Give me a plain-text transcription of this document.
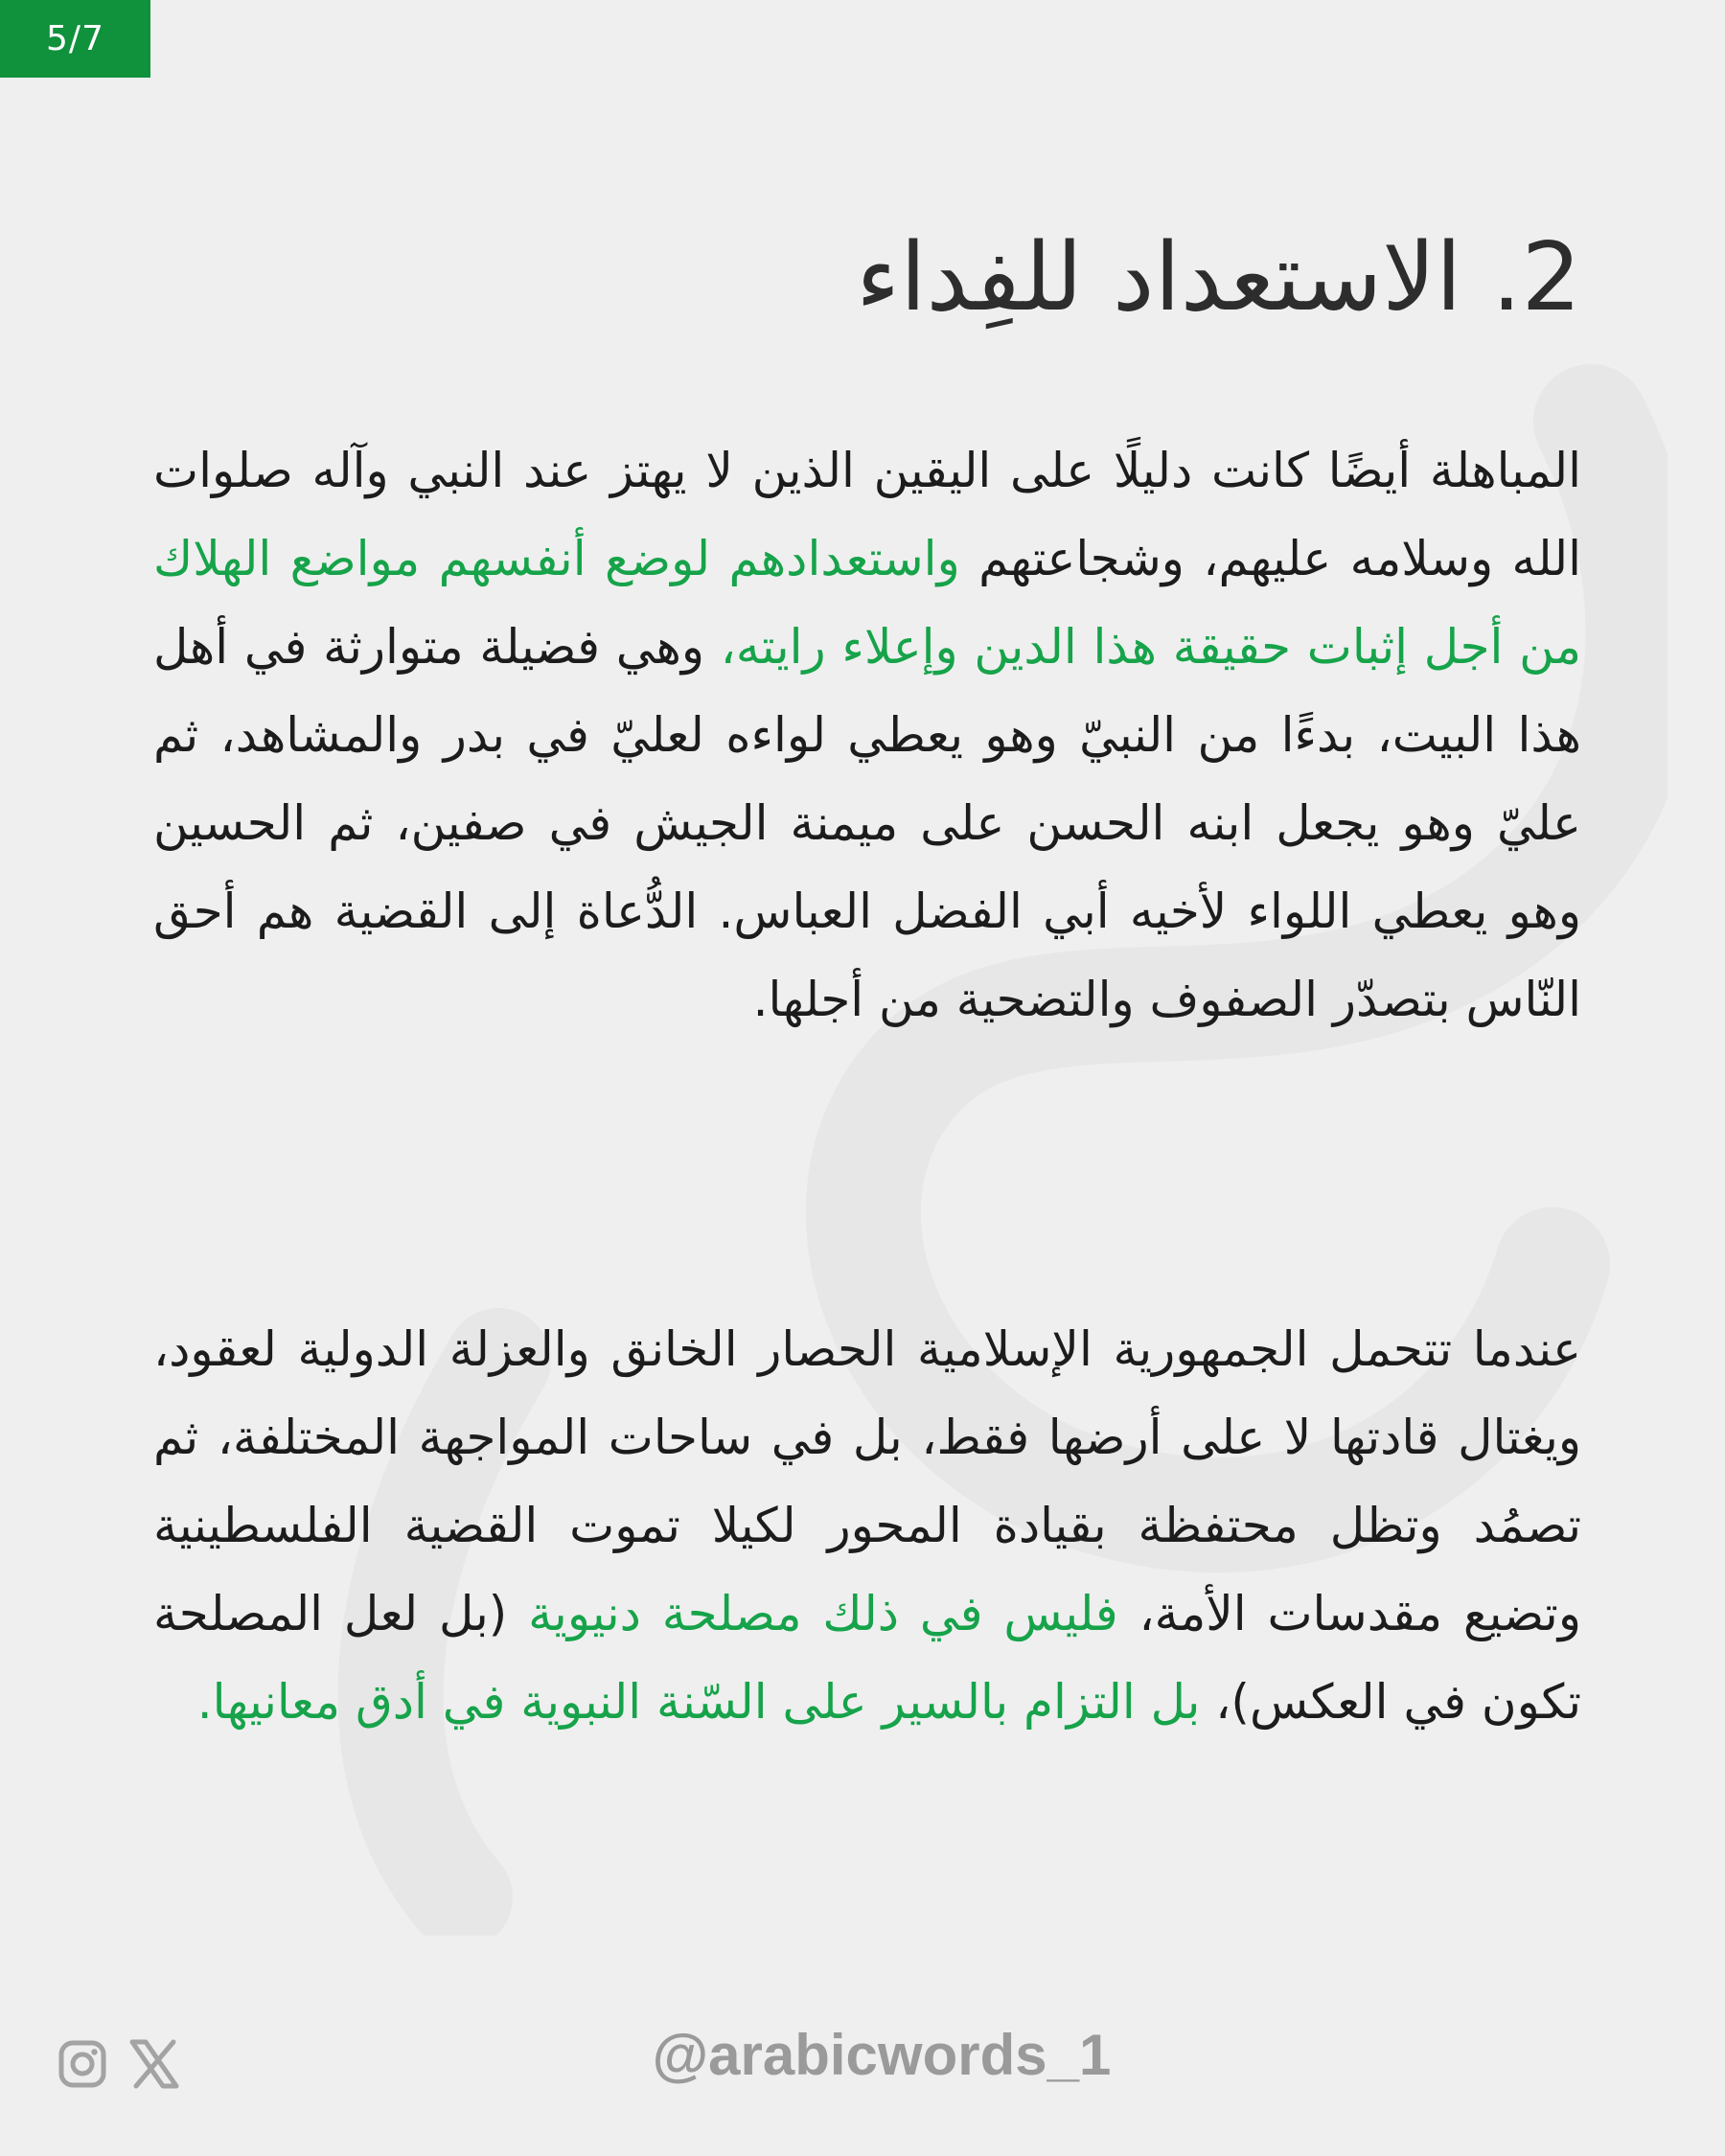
5/7
2. الاستعداد للفِداء

المباهلة أيضًا كانت دليلًا على اليقين الذين لا يهتز عند النبي وآله صلوات الله وسلامه عليهم، وشجاعتهم واستعدادهم لوضع أنفسهم مواضع الهلاك من أجل إثبات حقيقة هذا الدين وإعلاء رايته، وهي فضيلة متوارثة في أهل هذا البيت، بدءًا من النبيّ وهو يعطي لواءه لعليّ في بدر والمشاهد، ثم عليّ وهو يجعل ابنه الحسن على ميمنة الجيش في صفين، ثم الحسين وهو يعطي اللواء لأخيه أبي الفضل العباس. الدُّعاة إلى القضية هم أحق النّاس بتصدّر الصفوف والتضحية من أجلها.

عندما تتحمل الجمهورية الإسلامية الحصار الخانق والعزلة الدولية لعقود، ويغتال قادتها لا على أرضها فقط، بل في ساحات المواجهة المختلفة، ثم تصمُد وتظل محتفظة بقيادة المحور لكيلا تموت القضية الفلسطينية وتضيع مقدسات الأمة، فليس في ذلك مصلحة دنيوية (بل لعل المصلحة تكون في العكس)، بل التزام بالسير على السّنة النبوية في أدق معانيها.

@arabicwords_1
